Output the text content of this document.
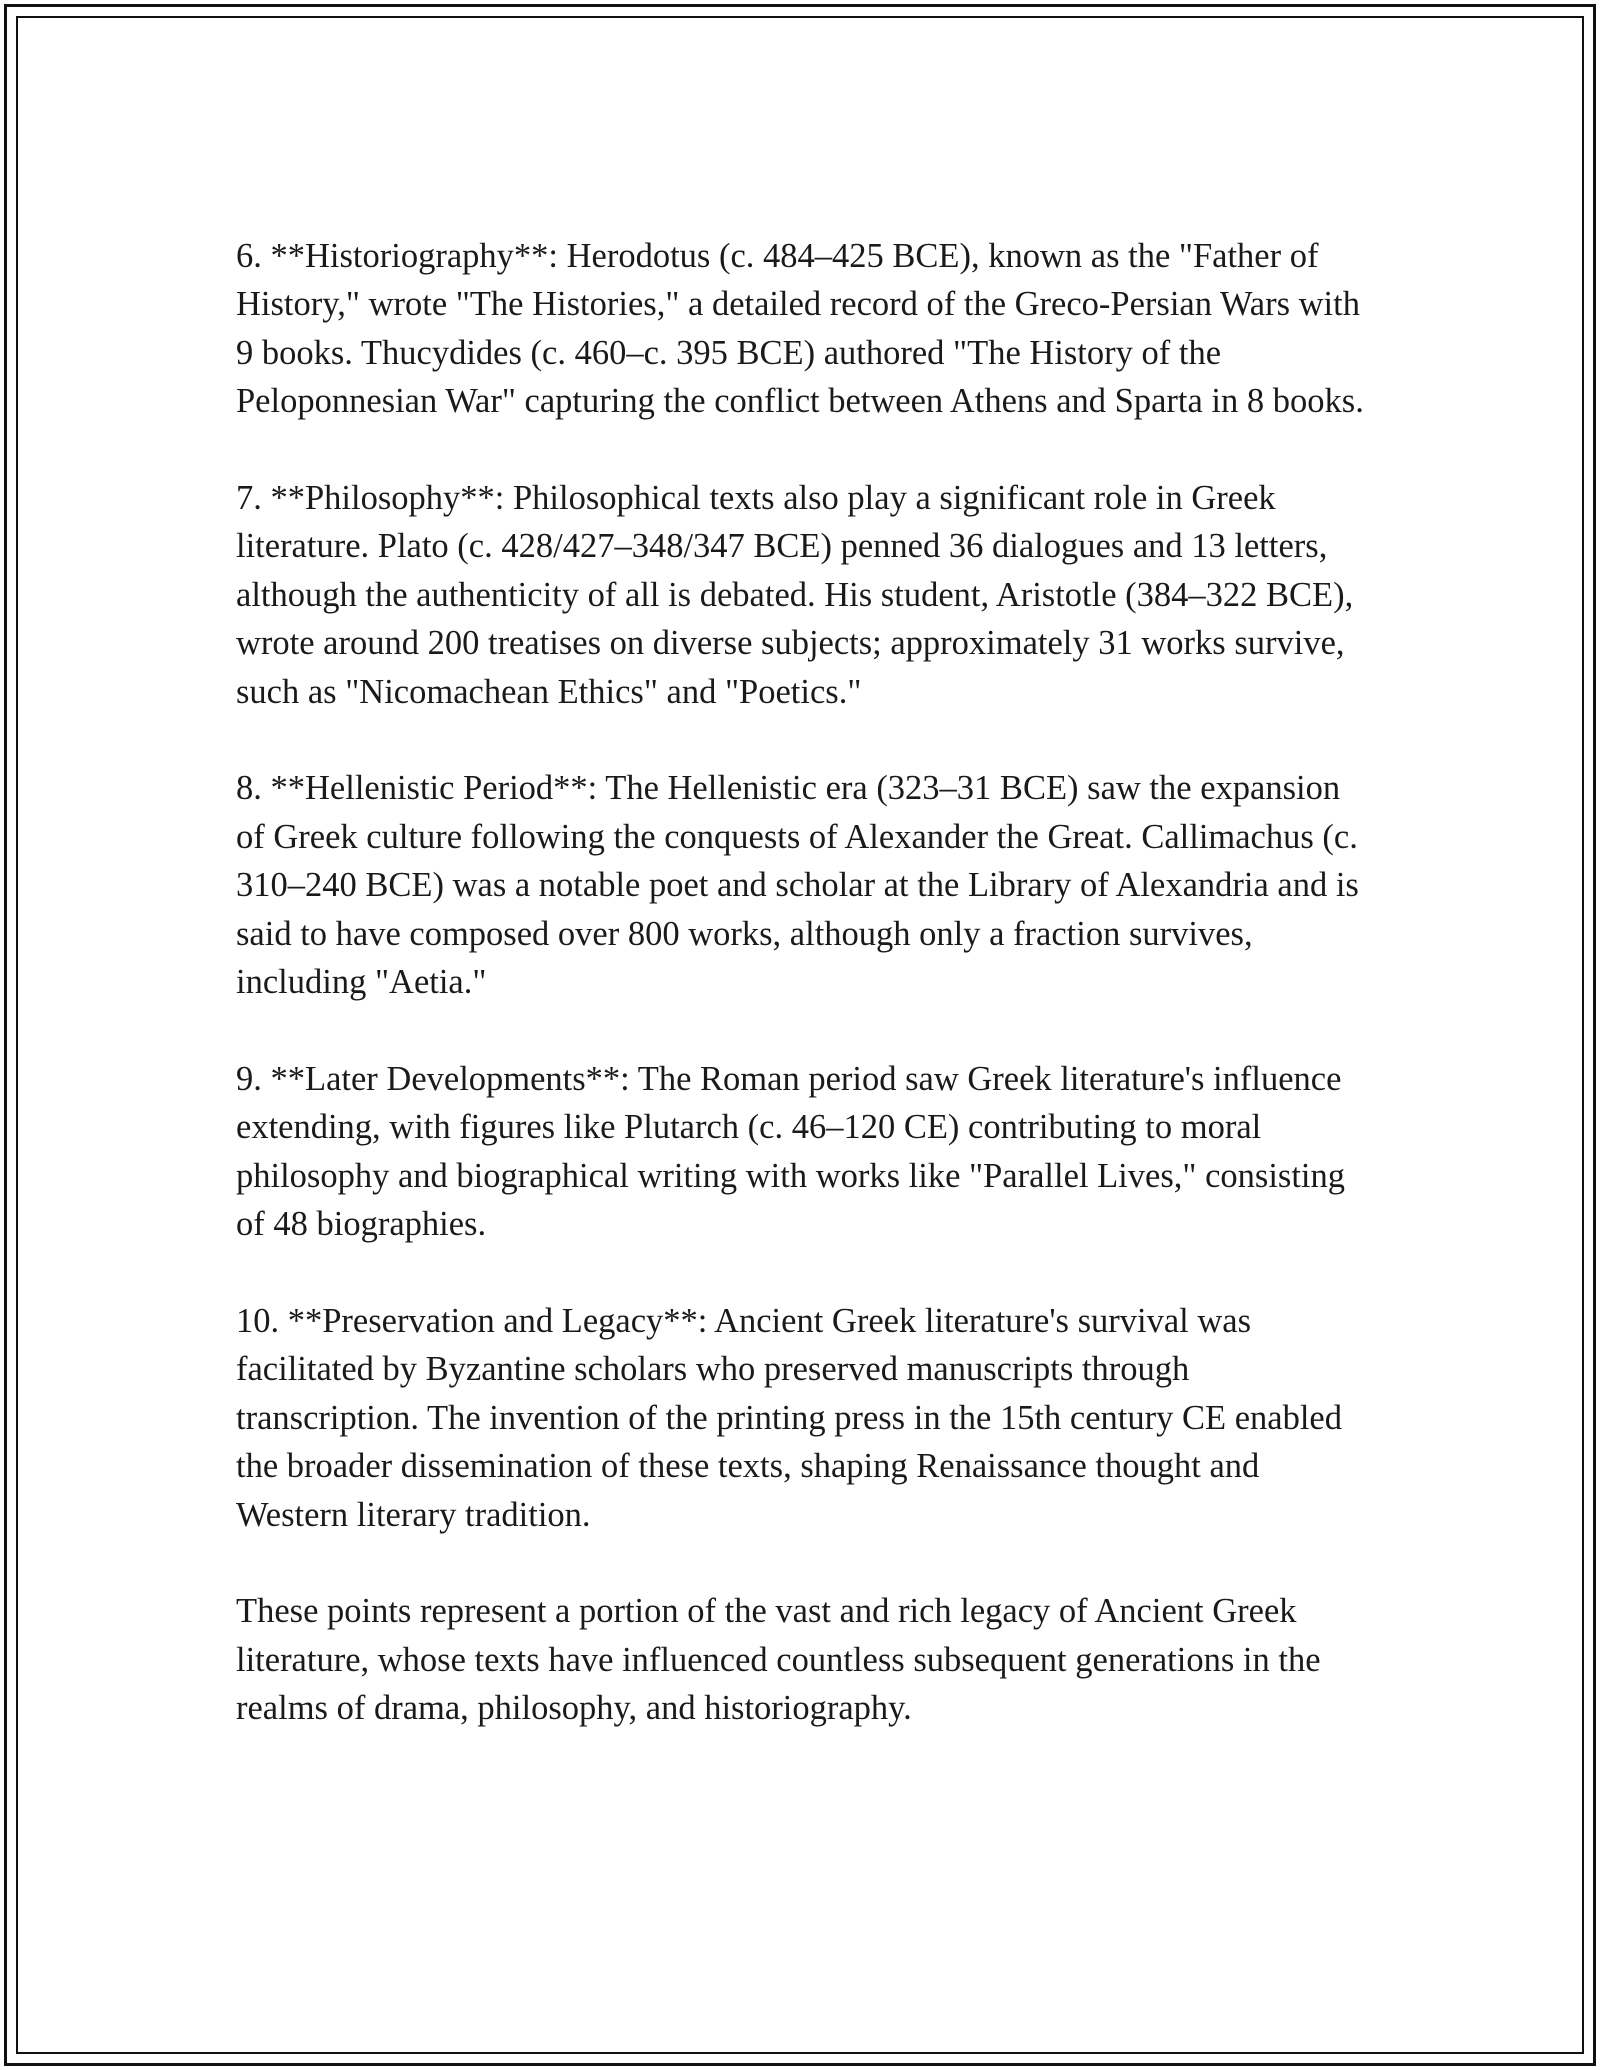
6. **Historiography**: Herodotus (c. 484–425 BCE), known as the "Father of History," wrote "The Histories," a detailed record of the Greco-Persian Wars with 9 books. Thucydides (c. 460–c. 395 BCE) authored "The History of the Peloponnesian War" capturing the conflict between Athens and Sparta in 8 books.

7. **Philosophy**: Philosophical texts also play a significant role in Greek literature. Plato (c. 428/427–348/347 BCE) penned 36 dialogues and 13 letters, although the authenticity of all is debated. His student, Aristotle (384–322 BCE), wrote around 200 treatises on diverse subjects; approximately 31 works survive, such as "Nicomachean Ethics" and "Poetics."

8. **Hellenistic Period**: The Hellenistic era (323–31 BCE) saw the expansion of Greek culture following the conquests of Alexander the Great. Callimachus (c. 310–240 BCE) was a notable poet and scholar at the Library of Alexandria and is said to have composed over 800 works, although only a fraction survives, including "Aetia."

9. **Later Developments**: The Roman period saw Greek literature's influence extending, with figures like Plutarch (c. 46–120 CE) contributing to moral philosophy and biographical writing with works like "Parallel Lives," consisting of 48 biographies.

10. **Preservation and Legacy**: Ancient Greek literature's survival was facilitated by Byzantine scholars who preserved manuscripts through transcription. The invention of the printing press in the 15th century CE enabled the broader dissemination of these texts, shaping Renaissance thought and Western literary tradition.

These points represent a portion of the vast and rich legacy of Ancient Greek literature, whose texts have influenced countless subsequent generations in the realms of drama, philosophy, and historiography.
